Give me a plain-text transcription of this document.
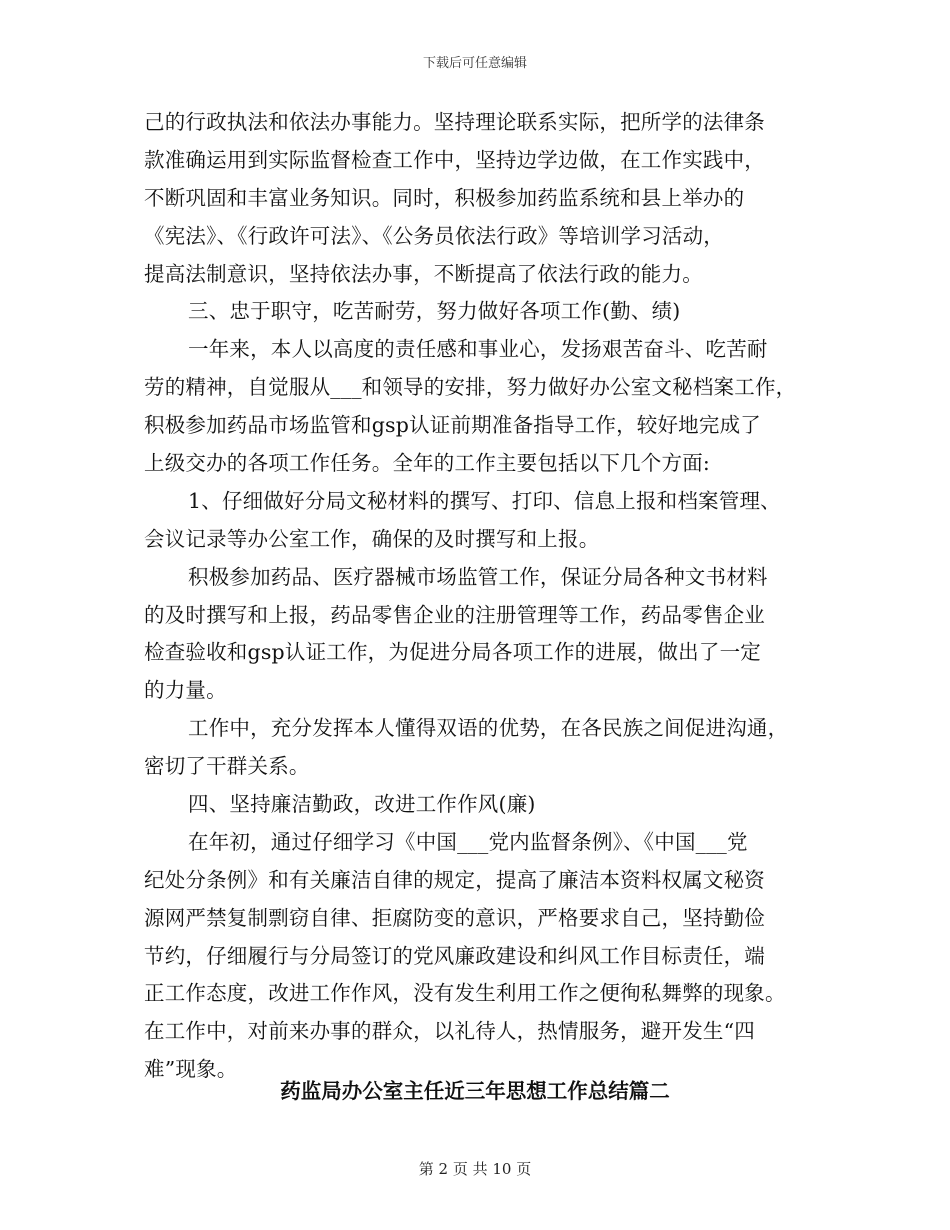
下载后可任意编辑
己的行政执法和依法办事能力。坚持理论联系实际，把所学的法律条
款准确运用到实际监督检查工作中，坚持边学边做，在工作实践中，
不断巩固和丰富业务知识。同时，积极参加药监系统和县上举办的
《宪法》、《行政许可法》、《公务员依法行政》等培训学习活动，
提高法制意识，坚持依法办事，不断提高了依法行政的能力。
三、忠于职守，吃苦耐劳，努力做好各项工作(勤、绩)
一年来，本人以高度的责任感和事业心，发扬艰苦奋斗、吃苦耐
劳的精神，自觉服从___和领导的安排，努力做好办公室文秘档案工作，
积极参加药品市场监管和gsp认证前期准备指导工作，较好地完成了
上级交办的各项工作任务。全年的工作主要包括以下几个方面:
1、仔细做好分局文秘材料的撰写、打印、信息上报和档案管理、
会议记录等办公室工作，确保的及时撰写和上报。
积极参加药品、医疗器械市场监管工作，保证分局各种文书材料
的及时撰写和上报，药品零售企业的注册管理等工作，药品零售企业
检查验收和gsp认证工作，为促进分局各项工作的进展，做出了一定
的力量。
工作中，充分发挥本人懂得双语的优势，在各民族之间促进沟通，
密切了干群关系。
四、坚持廉洁勤政，改进工作作风(廉)
在年初，通过仔细学习《中国___党内监督条例》、《中国___党
纪处分条例》和有关廉洁自律的规定，提高了廉洁本资料权属文秘资
源网严禁复制剽窃自律、拒腐防变的意识，严格要求自己，坚持勤俭
节约，仔细履行与分局签订的党风廉政建设和纠风工作目标责任，端
正工作态度，改进工作作风，没有发生利用工作之便徇私舞弊的现象。
在工作中，对前来办事的群众，以礼待人，热情服务，避开发生“四
难”现象。
药监局办公室主任近三年思想工作总结篇二
第 2 页 共 10 页
